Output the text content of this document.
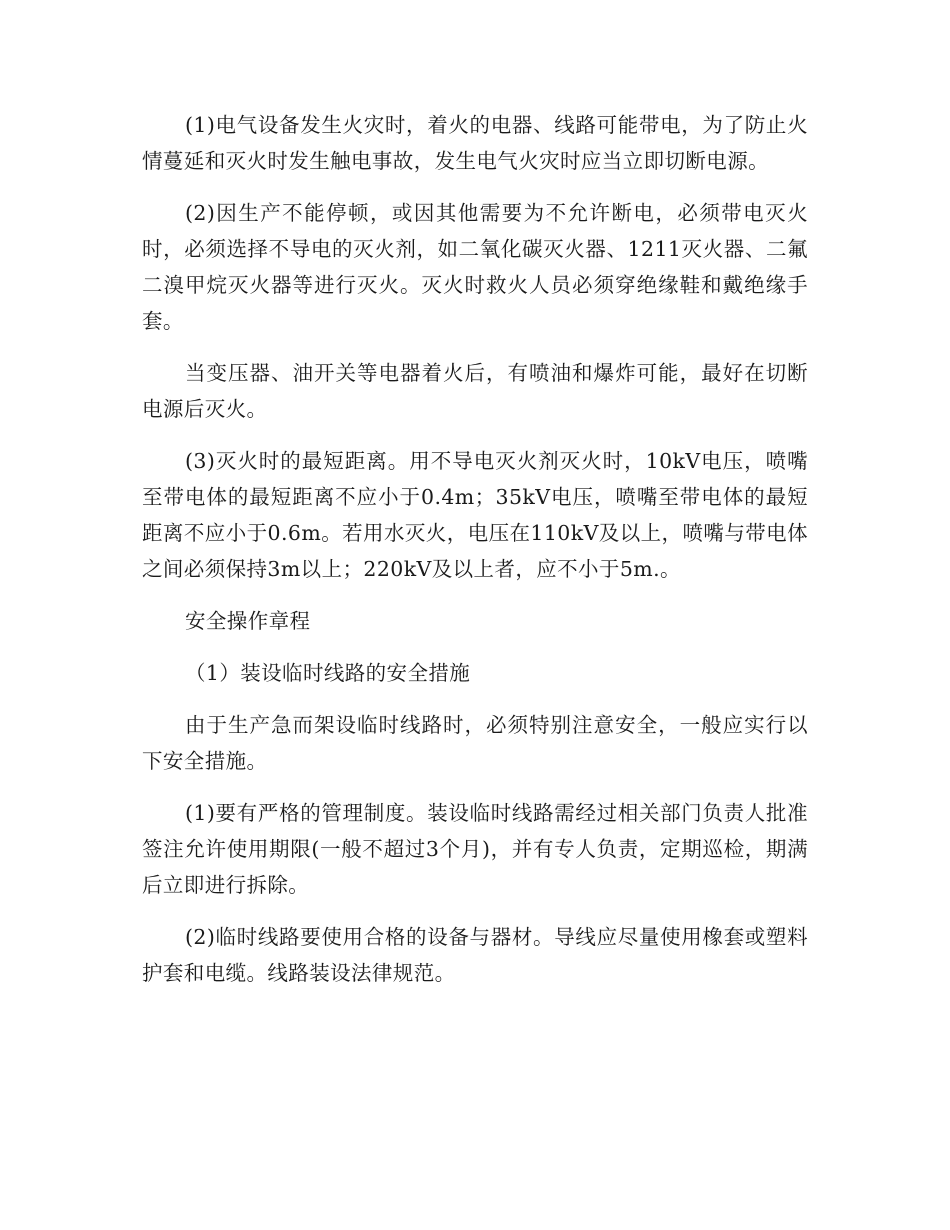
(1)电气设备发生火灾时，着火的电器、线路可能带电，为了防止火情蔓延和灭火时发生触电事故，发生电气火灾时应当立即切断电源。

(2)因生产不能停顿，或因其他需要为不允许断电，必须带电灭火时，必须选择不导电的灭火剂，如二氧化碳灭火器、1211灭火器、二氟二溴甲烷灭火器等进行灭火。灭火时救火人员必须穿绝缘鞋和戴绝缘手套。

当变压器、油开关等电器着火后，有喷油和爆炸可能，最好在切断电源后灭火。

(3)灭火时的最短距离。用不导电灭火剂灭火时，10kV电压，喷嘴至带电体的最短距离不应小于0.4m；35kV电压，喷嘴至带电体的最短距离不应小于0.6m。若用水灭火，电压在110kV及以上，喷嘴与带电体之间必须保持3m以上；220kV及以上者，应不小于5m.。

安全操作章程

（1）装设临时线路的安全措施

由于生产急而架设临时线路时，必须特别注意安全，一般应实行以下安全措施。

(1)要有严格的管理制度。装设临时线路需经过相关部门负责人批准签注允许使用期限(一般不超过3个月)，并有专人负责，定期巡检，期满后立即进行拆除。

(2)临时线路要使用合格的设备与器材。导线应尽量使用橡套或塑料护套和电缆。线路装设法律规范。
